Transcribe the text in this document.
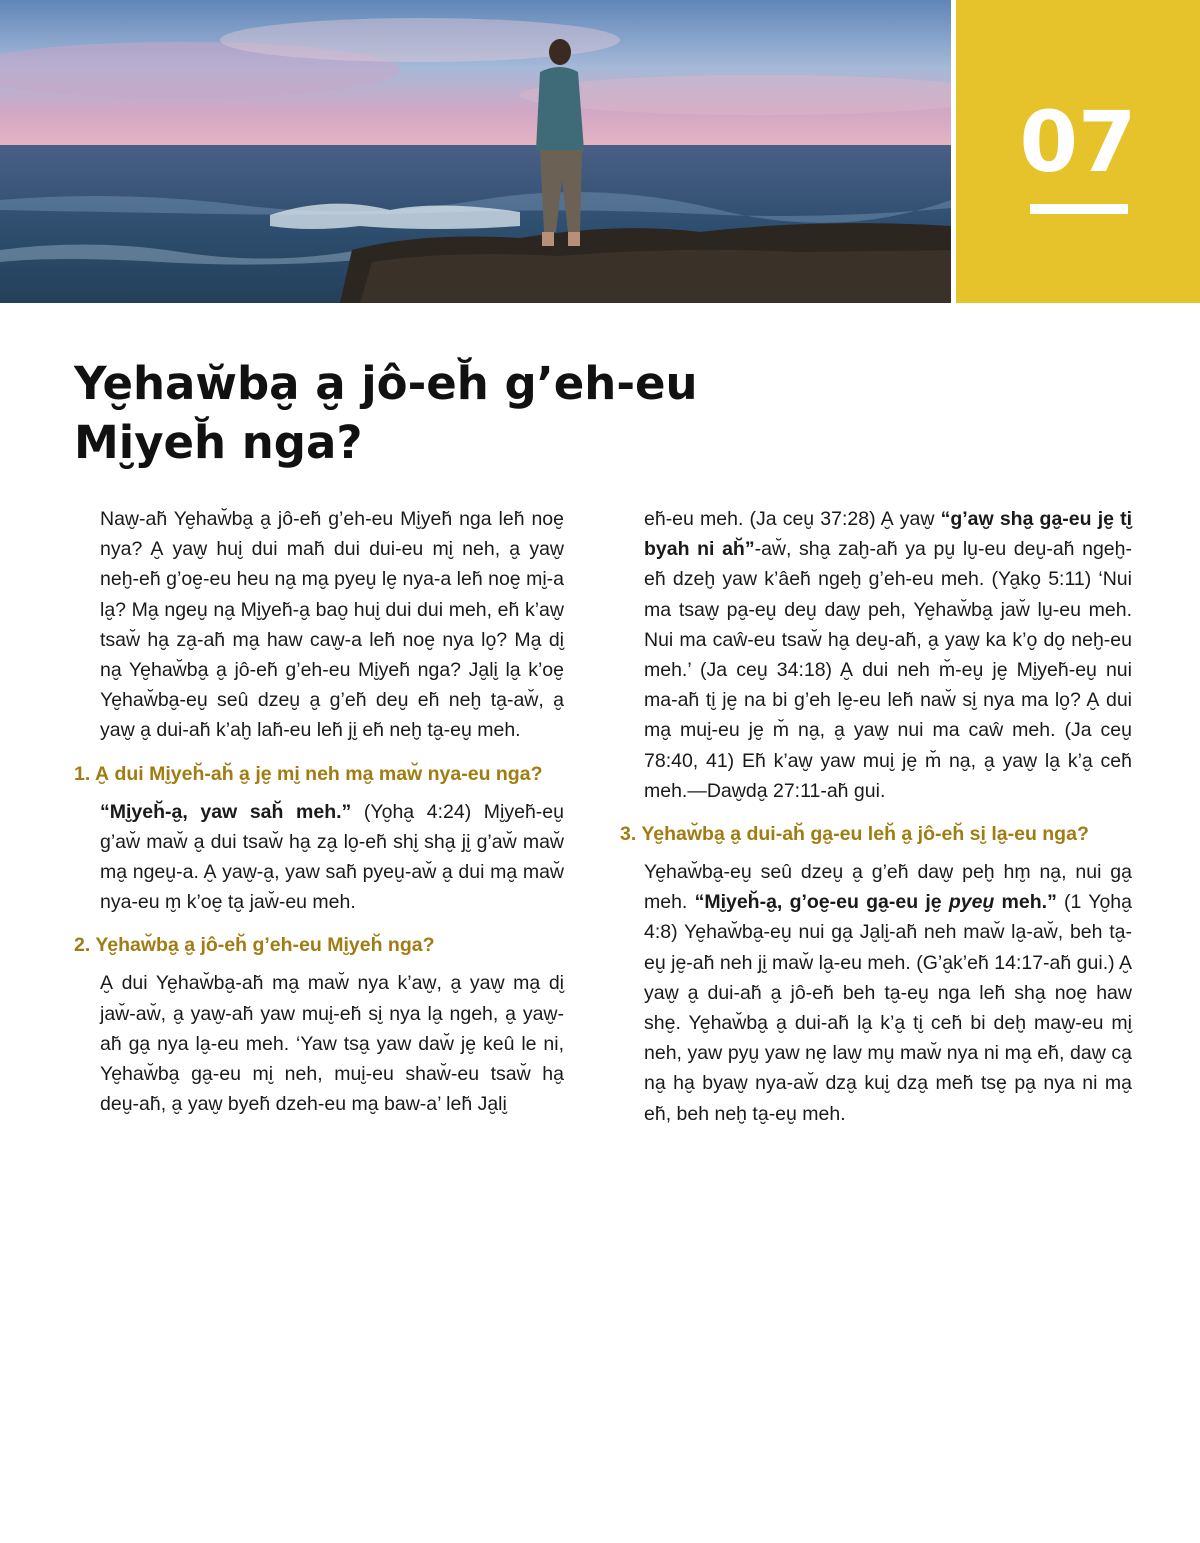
07
Ye̮haw̆ba̮ a̮ jô-eh̆ g’eh-eu
Mi̮yeh̆ nga?

Naw̮-ah̆ Ye̮haw̆ba̮ a̮ jô-eh̆ g’eh-eu Mi̮yeh̆ nga leh̆ noe̮ nya? A̮ yaw̮ hui̮ dui mah̆ dui dui-eu mi̮ neh, a̮ yaw̮ neḫ-eh̆ g’oe̮-eu heu na̮ ma̮ pyeu̮ le̮ nya-a leh̆ noe̮ mi̮-a la̮? Ma̮ ngeu̮ na̮ Mi̮yeh̆-a̮ bao̮ hui̮ dui dui meh, eh̆ k’aw̮ tsaw̆ ha̮ za̮-ah̆ ma̮ haw caw̮-a leh̆ noe̮ nya lo̮? Ma̮ di̮ na̮ Ye̮haw̆ba̮ a̮ jô-eh̆ g’eh-eu Mi̮yeh̆ nga? Ja̮li̮ la̮ k’oe̮ Ye̮haw̆ba̮-eu̮ seû dzeu̮ a̮ g’eh̆ deu̮ eh̆ neḫ ta̮-aw̆, a̮ yaw̮ a̮ dui-ah̆ k’aḫ lah̆-eu leh̆ ji̮ eh̆ neḫ ta̮-eu̮ meh.

1. A̮ dui Mi̮yeh̆-ah̆ a̮ je̮ mi̮ neh ma̮ maw̆ nya-eu nga?

“Mi̮yeh̆-a̮, yaw sah̆ meh.” (Yo̮ha̮ 4:24) Mi̮yeh̆-eu̮ g’aw̆ maw̆ a̮ dui tsaw̆ ha̮ za̮ lo̮-eh̆ shi̮ sha̮ ji̮ g’aw̆ maw̆ ma̮ ngeu̮-a. A̮ yaw̮-a̮, yaw sah̆ pyeu̮-aw̆ a̮ dui ma̮ maw̆ nya-eu m̮ k’oe̮ ta̮ jaw̆-eu meh.

2. Ye̮haw̆ba̮ a̮ jô-eh̆ g’eh-eu Mi̮yeh̆ nga?

A̮ dui Ye̮haw̆ba̮-ah̆ ma̮ maw̆ nya k’aw̮, a̮ yaw̮ ma̮ di̮ jaw̆-aw̆, a̮ yaw̮-ah̆ yaw mui̮-eh̆ si̮ nya la̮ ngeh, a̮ yaw̮-ah̆ ga̮ nya la̮-eu meh. ‘Yaw tsa̮ yaw daw̆ je̮ keû le ni, Ye̮haw̆ba̮ ga̮-eu mi̮ neh, mui̮-eu shaw̆-eu tsaw̆ ha̮ deu̮-ah̆, a̮ yaw̮ byeh̆ dzeh-eu ma̮ baw-a’ leh̆ Ja̮li̮

eh̆-eu meh. (Ja ceu̮ 37:28) A̮ yaw̮ “g’aw̮ sha̮ ga̮-eu je̮ ti̮ byah ni ah̆”-aw̆, sha̮ zaḫ-ah̆ ya pu̮ lu̮-eu deu̮-ah̆ ngeḫ-eh̆ dzeḫ yaw k’âeh̆ ngeḫ g’eh-eu meh. (Ya̮ko̮ 5:11) ‘Nui ma tsaw̮ pa̮-eu̮ deu̮ daw̮ peh, Ye̮haw̆ba̮ jaw̆ lu̮-eu meh. Nui ma caŵ-eu tsaw̆ ha̮ deu̮-ah̆, a̮ yaw̮ ka k’o̮ do̮ neḫ-eu meh.’ (Ja ceu̮ 34:18) A̮ dui neh m̆-eu̮ je̮ Mi̮yeh̆-eu̮ nui ma-ah̆ ti̮ je̮ na bi g’eh le̮-eu leh̆ naw̆ si̮ nya ma lo̮? A̮ dui ma̮ mui̮-eu je̮ m̆ na̮, a̮ yaw̮ nui ma caŵ meh. (Ja ceu̮ 78:40, 41) Eh̆ k’aw̮ yaw mui̮ je̮ m̆ na̮, a̮ yaw̮ la̮ k’a̮ ceh̆ meh.—Daw̮da̮ 27:11-ah̆ gui.

3. Ye̮haw̆ba̮ a̮ dui-ah̆ ga̮-eu leh̆ a̮ jô-eh̆ si̮ la̮-eu nga?

Ye̮haw̆ba̮-eu̮ seû dzeu̮ a̮ g’eh̆ daw̮ peḫ hm̮ na̮, nui ga̮ meh. “Mi̮yeh̆-a̮, g’oe̮-eu ga̮-eu je̮ pyeu̮ meh.” (1 Yo̮ha̮ 4:8) Ye̮haw̆ba̮-eu̮ nui ga̮ Ja̮li̮-ah̆ neh maw̆ la̮-aw̆, beh ta̮-eu̮ je̮-ah̆ neh ji̮ maw̆ la̮-eu meh. (G’a̮k’eh̆ 14:17-ah̆ gui.) A̮ yaw̮ a̮ dui-ah̆ a̮ jô-eh̆ beh ta̮-eu̮ nga leh̆ sha̮ noe̮ haw she̮. Ye̮haw̆ba̮ a̮ dui-ah̆ la̮ k’a̮ ti̮ ceh̆ bi deḫ maw̮-eu mi̮ neh, yaw pyu̮ yaw ne̮ law̮ mu̮ maw̆ nya ni ma̮ eh̆, daw̮ ca̮ na̮ ha̮ byaw̮ nya-aw̆ dza̮ kui̮ dza̮ meh̆ tse̮ pa̮ nya ni ma̮ eh̆, beh neḫ ta̮-eu̮ meh.
